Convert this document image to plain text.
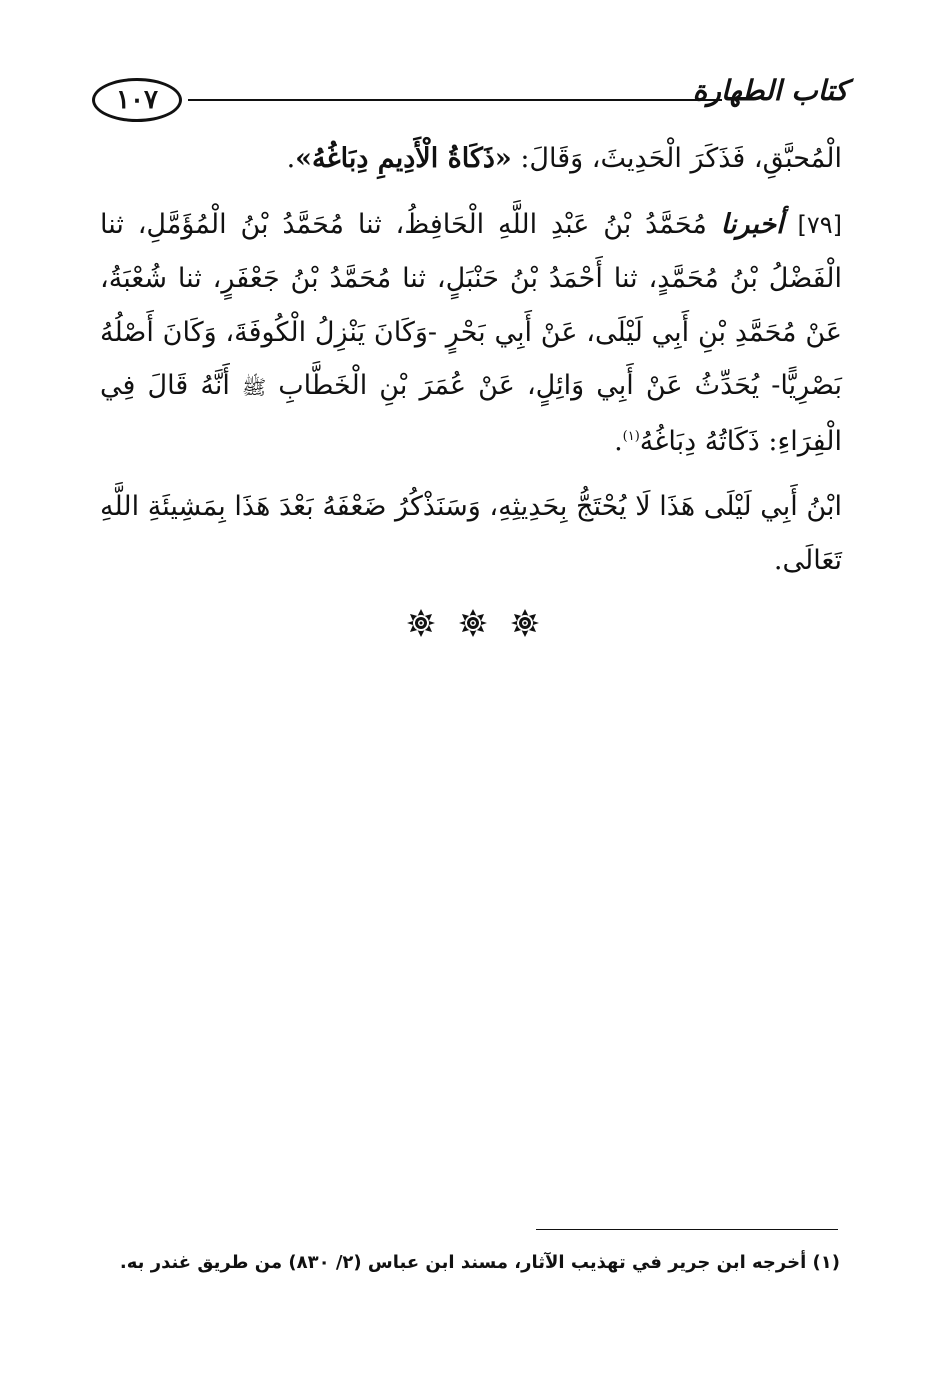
١٠٧	كتاب الطهارة

الْمُحبَّقِ، فَذَكَرَ الْحَدِيثَ، وَقَالَ: «ذَكَاةُ الْأَدِيمِ دِبَاغُهُ».

[٧٩] أخبرنا مُحَمَّدُ بْنُ عَبْدِ اللَّهِ الْحَافِظُ، ثنا مُحَمَّدُ بْنُ الْمُؤَمَّلِ، ثنا الْفَضْلُ بْنُ مُحَمَّدٍ، ثنا أَحْمَدُ بْنُ حَنْبَلٍ، ثنا مُحَمَّدُ بْنُ جَعْفَرٍ، ثنا شُعْبَةُ، عَنْ مُحَمَّدِ بْنِ أَبِي لَيْلَى، عَنْ أَبِي بَحْرٍ -وَكَانَ يَنْزِلُ الْكُوفَةَ، وَكَانَ أَصْلُهُ بَصْرِيًّا- يُحَدِّثُ عَنْ أَبِي وَائِلٍ، عَنْ عُمَرَ بْنِ الْخَطَّابِ ﷺ أَنَّهُ قَالَ فِي الْفِرَاءِ: ذَكَاتُهُ دِبَاغُهُ$^{(١)}$.

ابْنُ أَبِي لَيْلَى هَذَا لَا يُحْتَجُّ بِحَدِيثِهِ، وَسَنَذْكُرُ ضَعْفَهُ بَعْدَ هَذَا بِمَشِيئَةِ اللَّهِ تَعَالَى.

(١) أخرجه ابن جرير في تهذيب الآثار، مسند ابن عباس (٢/ ٨٣٠) من طريق غندر به.
